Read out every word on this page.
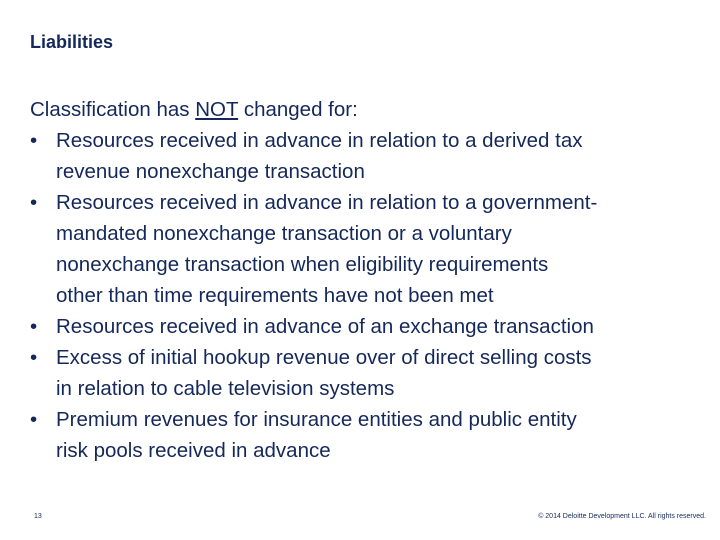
Liabilities
Classification has NOT changed for:
• Resources received in advance in relation to a derived tax
revenue nonexchange transaction
• Resources received in advance in relation to a government-
mandated nonexchange transaction or a voluntary
nonexchange transaction when eligibility requirements
other than time requirements have not been met
• Resources received in advance of an exchange transaction
• Excess of initial hookup revenue over of direct selling costs
in relation to cable television systems
• Premium revenues for insurance entities and public entity
risk pools received in advance
13	© 2014 Deloitte Development LLC. All rights reserved.
